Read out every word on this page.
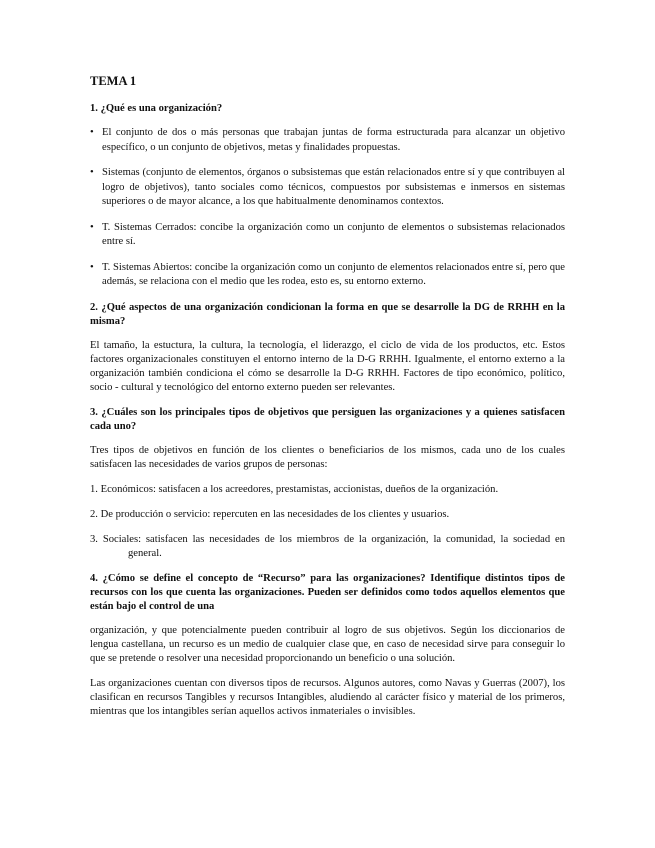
TEMA 1
1. ¿Qué es una organización?
• El conjunto de dos o más personas que trabajan juntas de forma estructurada para alcanzar un objetivo específico, o un conjunto de objetivos, metas y finalidades propuestas.
• Sistemas (conjunto de elementos, órganos o subsistemas que están relacionados entre sí y que contribuyen al logro de objetivos), tanto sociales como técnicos, compuestos por subsistemas e inmersos en sistemas superiores o de mayor alcance, a los que habitualmente denominamos contextos.
• T. Sistemas Cerrados: concibe la organización como un conjunto de elementos o subsistemas relacionados entre sí.
• T. Sistemas Abiertos: concibe la organización como un conjunto de elementos relacionados entre sí, pero que además, se relaciona con el medio que les rodea, esto es, su entorno externo.
2. ¿Qué aspectos de una organización condicionan la forma en que se desarrolle la DG de RRHH en la misma?
El tamaño, la estuctura, la cultura, la tecnología, el liderazgo, el ciclo de vida de los productos, etc. Estos factores organizacionales constituyen el entorno interno de la D-G RRHH. Igualmente, el entorno externo a la organización también condiciona el cómo se desarrolle la D-G RRHH. Factores de tipo económico, político, socio - cultural y tecnológico del entorno externo pueden ser relevantes.
3. ¿Cuáles son los principales tipos de objetivos que persiguen las organizaciones y a quienes satisfacen cada uno?
Tres tipos de objetivos en función de los clientes o beneficiarios de los mismos, cada uno de los cuales satisfacen las necesidades de varios grupos de personas:
1. Económicos: satisfacen a los acreedores, prestamistas, accionistas, dueños de la organización.
2. De producción o servicio: repercuten en las necesidades de los clientes y usuarios.
3. Sociales: satisfacen las necesidades de los miembros de la organización, la comunidad, la sociedad en general.
4. ¿Cómo se define el concepto de “Recurso” para las organizaciones? Identifique distintos tipos de recursos con los que cuenta las organizaciones. Pueden ser definidos como todos aquellos elementos que están bajo el control de una
organización, y que potencialmente pueden contribuir al logro de sus objetivos. Según los diccionarios de lengua castellana, un recurso es un medio de cualquier clase que, en caso de necesidad sirve para conseguir lo que se pretende o resolver una necesidad proporcionando un beneficio o una solución.
Las organizaciones cuentan con diversos tipos de recursos. Algunos autores, como Navas y Guerras (2007), los clasifican en recursos Tangibles y recursos Intangibles, aludiendo al carácter físico y material de los primeros, mientras que los intangibles serían aquellos activos inmateriales o invisibles.
